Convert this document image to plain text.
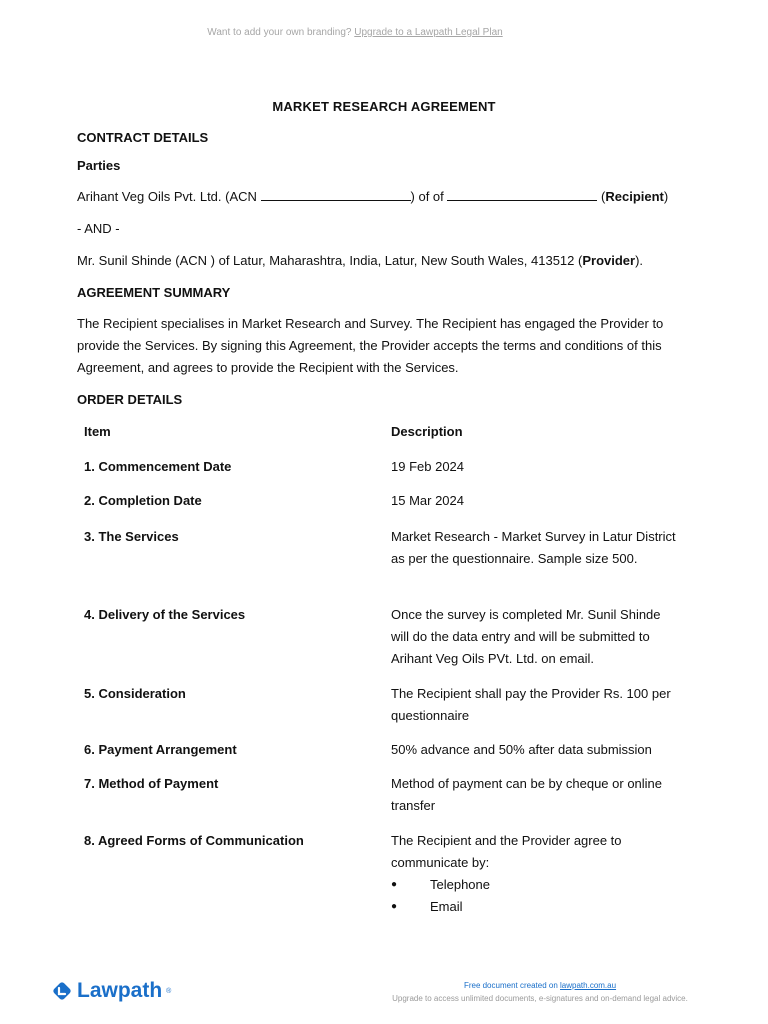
Want to add your own branding? Upgrade to a Lawpath Legal Plan
MARKET RESEARCH AGREEMENT
CONTRACT DETAILS
Parties
Arihant Veg Oils Pvt. Ltd. (ACN	) of of	(Recipient)
- AND -
Mr. Sunil Shinde (ACN ) of Latur, Maharashtra, India, Latur, New South Wales, 413512 (Provider).
AGREEMENT SUMMARY
The Recipient specialises in Market Research and Survey. The Recipient has engaged the Provider to provide the Services. By signing this Agreement, the Provider accepts the terms and conditions of this Agreement, and agrees to provide the Recipient with the Services.
ORDER DETAILS
Item	Description
1. Commencement Date	19 Feb 2024
2. Completion Date	15 Mar 2024
3. The Services	Market Research - Market Survey in Latur District as per the questionnaire. Sample size 500.
4. Delivery of the Services	Once the survey is completed Mr. Sunil Shinde will do the data entry and will be submitted to Arihant Veg Oils PVt. Ltd. on email.
5. Consideration	The Recipient shall pay the Provider Rs. 100 per questionnaire
6. Payment Arrangement	50% advance and 50% after data submission
7. Method of Payment	Method of payment can be by cheque or online transfer
8. Agreed Forms of Communication	The Recipient and the Provider agree to communicate by:
●	Telephone
●	Email
Lawpath ®
Free document created on lawpath.com.au
Upgrade to access unlimited documents, e-signatures and on-demand legal advice.
